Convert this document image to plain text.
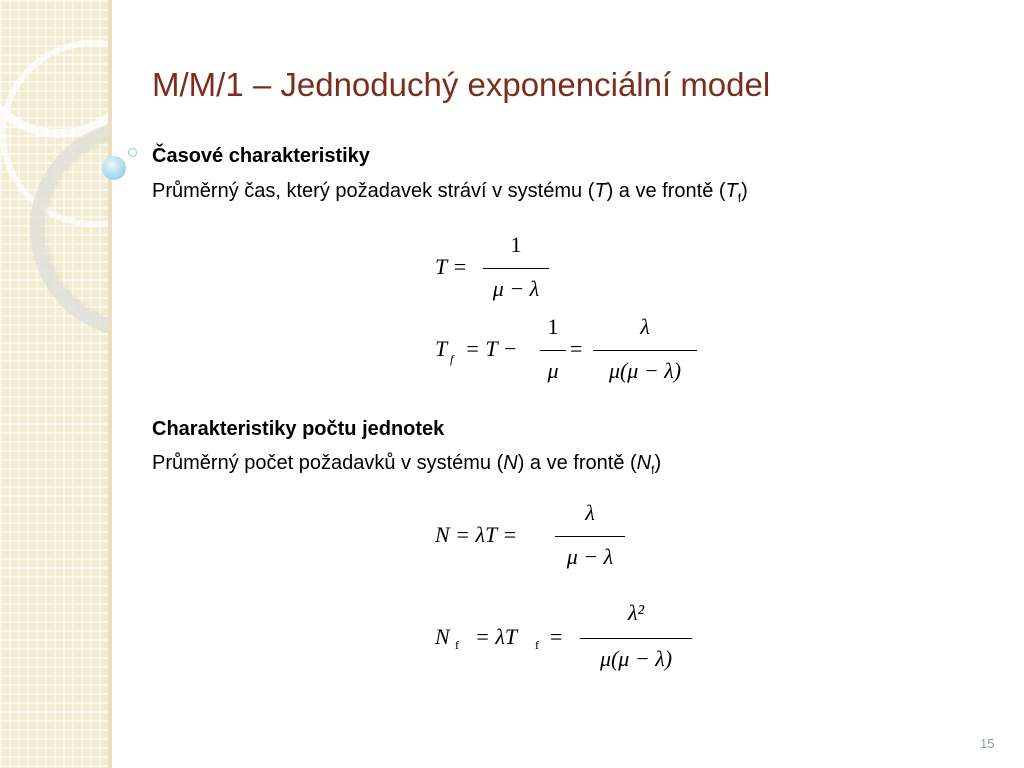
M/M/1 – Jednoduchý exponenciální model

Časové charakteristiky

Průměrný čas, který požadavek stráví v systému (T) a ve frontě $(T_f)$

T =
1
μ − λ
T f = T −
1
μ
=
λ
μ(μ − λ)

Charakteristiky počtu jednotek

Průměrný počet požadavků v systému (N) a ve frontě $(N_f)$

N = λT =
λ
μ − λ
N f = λT f =
λ²
μ(μ − λ)
15
